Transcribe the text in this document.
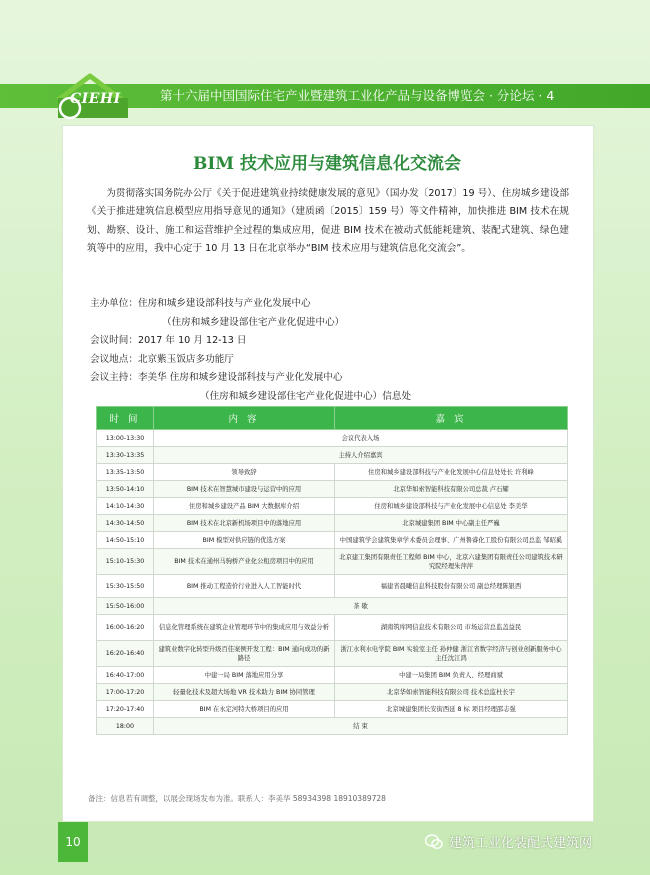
CIEHI	第十六届中国国际住宅产业暨建筑工业化产品与设备博览会 · 分论坛 · 4
BIM 技术应用与建筑信息化交流会
为贯彻落实国务院办公厅《关于促进建筑业持续健康发展的意见》（国办发〔2017〕19 号）、住房城乡建设部《关于推进建筑信息模型应用指导意见的通知》（建质函〔2015〕159 号）等文件精神，加快推进 BIM 技术在规划、勘察、设计、施工和运营维护全过程的集成应用，促进 BIM 技术在被动式低能耗建筑、装配式建筑、绿色建筑等中的应用，我中心定于 10 月 13 日在北京举办“BIM 技术应用与建筑信息化交流会”。
主办单位： 住房和城乡建设部科技与产业化发展中心
（住房和城乡建设部住宅产业化促进中心）
会议时间： 2017 年 10 月 12-13 日
会议地点： 北京紫玉饭店多功能厅
会议主持： 李美华 住房和城乡建设部科技与产业化发展中心
（住房和城乡建设部住宅产业化促进中心）信息处
时 间	内 容	嘉 宾
13:00-13:30	会议代表入场	
13:30-13:35	主持人介绍嘉宾	
13:35-13:50	领导致辞	住房和城乡建设部科技与产业化发展中心信息处处长 许利峰
13:50-14:10	BIM 技术在智慧城市建设与运营中的应用	北京华如索智能科技有限公司总裁 卢石耀
14:10-14:30	住房和城乡建设产品 BIM 大数据库介绍	住房和城乡建设部科技与产业化发展中心信息处 李美华
14:30-14:50	BIM 技术在北京新机场项目中的落地应用	北京城建集团 BIM 中心副主任严巍
14:50-15:10	BIM 模型对供应链的优选方案	中国建筑学会建筑集章学术委员会理事、广州鲁睿化工股份有限公司总监 邹昭奚
15:10-15:30	BIM 技术在通州马驹桥产业化公租房项目中的应用	北京建工集团有限责任工程师 BIM 中心，北京六建集团有限责任公司建筑技术研究院经理朱萍萍
15:30-15:50	BIM 推动工程造价行业进入人工智能时代	福建省晨曦信息科技股份有限公司 副总经理陈银西
15:50-16:00	茶 歇	
16:00-16:20	信息化管理系统在建筑企业管理环节中的集成应用与效益分析	湖南筑库网信息技术有限公司 市场运营总监盖益民
16:20-16:40	建筑业数字化转型升级百佳案例开发工程：BIM 通向成功的新路径	浙江水利水电学院 BIM 实验室主任 孙仲健 浙江省数字经济与创业创新服务中心 主任沈江鸿
16:40-17:00	中建一局 BIM 落地应用分享	中建一局集团 BIM 负责人、经理商斌
17:00-17:20	轻量化技术及超大场地 VR 技术助力 BIM 协同管理	北京华如索智能科技有限公司 技术总监杜长宇
17:20-17:40	BIM 在永定河特大桥项目的应用	北京城建集团长安街西延 8 标 项目经理邵志强
18:00	结 束	
备注：信息若有调整，以展会现场发布为准。联系人：李美华 58934398 18910389728
10	建筑工业化装配式建筑网
